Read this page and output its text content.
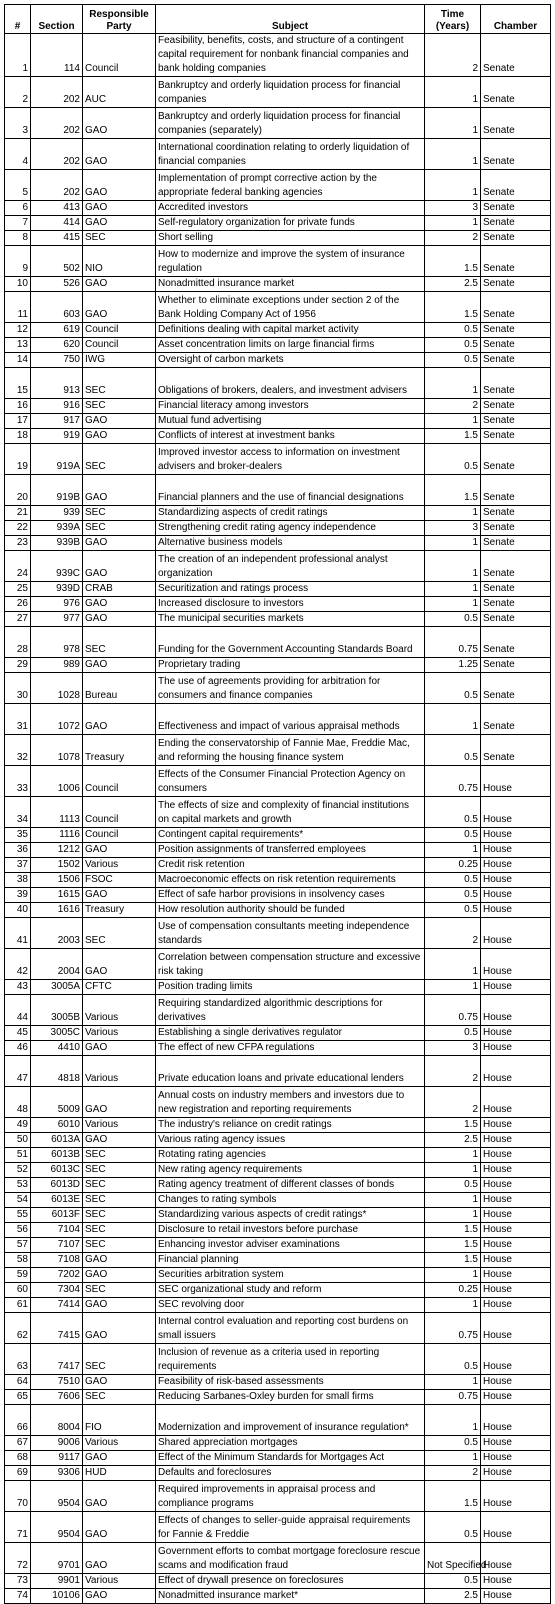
#	Section	Responsible Party	Subject	Time (Years)	Chamber
1	114	Council	Feasibility, benefits, costs, and structure of a contingent capital requirement for nonbank financial companies and bank holding companies	2	Senate
2	202	AUC	Bankruptcy and orderly liquidation process for financial companies	1	Senate
3	202	GAO	Bankruptcy and orderly liquidation process for financial companies (separately)	1	Senate
4	202	GAO	International coordination relating to orderly liquidation of financial companies	1	Senate
5	202	GAO	Implementation of prompt corrective action by the appropriate federal banking agencies	1	Senate
6	413	GAO	Accredited investors	3	Senate
7	414	GAO	Self-regulatory organization for private funds	1	Senate
8	415	SEC	Short selling	2	Senate
9	502	NIO	How to modernize and improve the system of insurance regulation	1.5	Senate
10	526	GAO	Nonadmitted insurance market	2.5	Senate
11	603	GAO	Whether to eliminate exceptions under section 2 of the Bank Holding Company Act of 1956	1.5	Senate
12	619	Council	Definitions dealing with capital market activity	0.5	Senate
13	620	Council	Asset concentration limits on large financial firms	0.5	Senate
14	750	IWG	Oversight of carbon markets	0.5	Senate
15	913	SEC	Obligations of brokers, dealers, and investment advisers	1	Senate
16	916	SEC	Financial literacy among investors	2	Senate
17	917	GAO	Mutual fund advertising	1	Senate
18	919	GAO	Conflicts of interest at investment banks	1.5	Senate
19	919A	SEC	Improved investor access to information on investment advisers and broker-dealers	0.5	Senate
20	919B	GAO	Financial planners and the use of financial designations	1.5	Senate
21	939	SEC	Standardizing aspects of credit ratings	1	Senate
22	939A	SEC	Strengthening credit rating agency independence	3	Senate
23	939B	GAO	Alternative business models	1	Senate
24	939C	GAO	The creation of an independent professional analyst organization	1	Senate
25	939D	CRAB	Securitization and ratings process	1	Senate
26	976	GAO	Increased disclosure to investors	1	Senate
27	977	GAO	The municipal securities markets	0.5	Senate
28	978	SEC	Funding for the Government Accounting Standards Board	0.75	Senate
29	989	GAO	Proprietary trading	1.25	Senate
30	1028	Bureau	The use of agreements providing for arbitration for consumers and finance companies	0.5	Senate
31	1072	GAO	Effectiveness and impact of various appraisal methods	1	Senate
32	1078	Treasury	Ending the conservatorship of Fannie Mae, Freddie Mac, and reforming the housing finance system	0.5	Senate
33	1006	Council	Effects of the Consumer Financial Protection Agency on consumers	0.75	House
34	1113	Council	The effects of size and complexity of financial institutions on capital markets and growth	0.5	House
35	1116	Council	Contingent capital requirements*	0.5	House
36	1212	GAO	Position assignments of transferred employees	1	House
37	1502	Various	Credit risk retention	0.25	House
38	1506	FSOC	Macroeconomic effects on risk retention requirements	0.5	House
39	1615	GAO	Effect of safe harbor provisions in insolvency cases	0.5	House
40	1616	Treasury	How resolution authority should be funded	0.5	House
41	2003	SEC	Use of compensation consultants meeting independence standards	2	House
42	2004	GAO	Correlation between compensation structure and excessive risk taking	1	House
43	3005A	CFTC	Position trading limits	1	House
44	3005B	Various	Requiring standardized algorithmic descriptions for derivatives	0.75	House
45	3005C	Various	Establishing a single derivatives regulator	0.5	House
46	4410	GAO	The effect of new CFPA regulations	3	House
47	4818	Various	Private education loans and private educational lenders	2	House
48	5009	GAO	Annual costs on industry members and investors due to new registration and reporting requirements	2	House
49	6010	Various	The industry's reliance on credit ratings	1.5	House
50	6013A	GAO	Various rating agency issues	2.5	House
51	6013B	SEC	Rotating rating agencies	1	House
52	6013C	SEC	New rating agency requirements	1	House
53	6013D	SEC	Rating agency treatment of different classes of bonds	0.5	House
54	6013E	SEC	Changes to rating symbols	1	House
55	6013F	SEC	Standardizing various aspects of credit ratings*	1	House
56	7104	SEC	Disclosure to retail investors before purchase	1.5	House
57	7107	SEC	Enhancing investor adviser examinations	1.5	House
58	7108	GAO	Financial planning	1.5	House
59	7202	GAO	Securities arbitration system	1	House
60	7304	SEC	SEC organizational study and reform	0.25	House
61	7414	GAO	SEC revolving door	1	House
62	7415	GAO	Internal control evaluation and reporting cost burdens on small issuers	0.75	House
63	7417	SEC	Inclusion of revenue as a criteria used in reporting requirements	0.5	House
64	7510	GAO	Feasibility of risk-based assessments	1	House
65	7606	SEC	Reducing Sarbanes-Oxley burden for small firms	0.75	House
66	8004	FIO	Modernization and improvement of insurance regulation*	1	House
67	9006	Various	Shared appreciation mortgages	0.5	House
68	9117	GAO	Effect of the Minimum Standards for Mortgages Act	1	House
69	9306	HUD	Defaults and foreclosures	2	House
70	9504	GAO	Required improvements in appraisal process and compliance programs	1.5	House
71	9504	GAO	Effects of changes to seller-guide appraisal requirements for Fannie & Freddie	0.5	House
72	9701	GAO	Government efforts to combat mortgage foreclosure rescue scams and modification fraud	Not Specified	House
73	9901	Various	Effect of drywall presence on foreclosures	0.5	House
74	10106	GAO	Nonadmitted insurance market*	2.5	House
